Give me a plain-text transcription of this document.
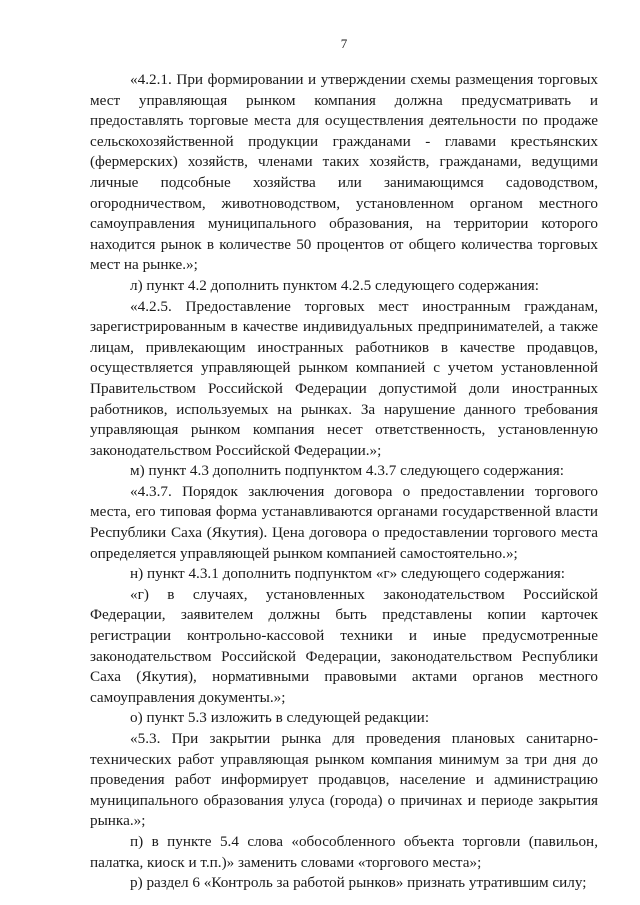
7

«4.2.1. При формировании и утверждении схемы размещения торговых мест управляющая рынком компания должна предусматривать и предоставлять торговые места для осуществления деятельности по продаже сельскохозяйственной продукции гражданами - главами крестьянских (фермерских) хозяйств, членами таких хозяйств, гражданами, ведущими личные подсобные хозяйства или занимающимся садоводством, огородничеством, животноводством, установленном органом местного самоуправления муниципального образования, на территории которого находится рынок в количестве 50 процентов от общего количества торговых мест на рынке.»;

л) пункт 4.2 дополнить пунктом 4.2.5 следующего содержания:

«4.2.5. Предоставление торговых мест иностранным гражданам, зарегистрированным в качестве индивидуальных предпринимателей, а также лицам, привлекающим иностранных работников в качестве продавцов, осуществляется управляющей рынком компанией с учетом установленной Правительством Российской Федерации допустимой доли иностранных работников, используемых на рынках. За нарушение данного требования управляющая рынком компания несет ответственность, установленную законодательством Российской Федерации.»;

м) пункт 4.3 дополнить подпунктом 4.3.7 следующего содержания:

«4.3.7. Порядок заключения договора о предоставлении торгового места, его типовая форма устанавливаются органами государственной власти Республики Саха (Якутия). Цена договора о предоставлении торгового места определяется управляющей рынком компанией самостоятельно.»;

н) пункт 4.3.1 дополнить подпунктом «г» следующего содержания:

«г) в случаях, установленных законодательством Российской Федерации, заявителем должны быть представлены копии карточек регистрации контрольно-кассовой техники и иные предусмотренные законодательством Российской Федерации, законодательством Республики Саха (Якутия), нормативными правовыми актами органов местного самоуправления документы.»;

о) пункт 5.3 изложить в следующей редакции:

«5.3. При закрытии рынка для проведения плановых санитарно-технических работ управляющая рынком компания минимум за три дня до проведения работ информирует продавцов, население и администрацию муниципального образования улуса (города) о причинах и периоде закрытия рынка.»;

п) в пункте 5.4 слова «обособленного объекта торговли (павильон, палатка, киоск и т.п.)» заменить словами «торгового места»;

р) раздел 6 «Контроль за работой рынков» признать утратившим силу;
